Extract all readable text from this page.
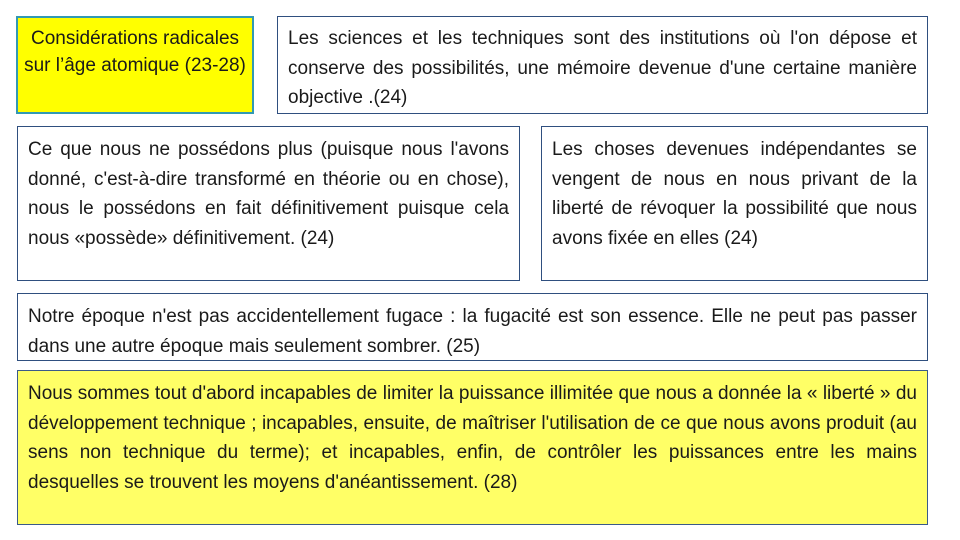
Considérations radicales sur l’âge atomique (23-28)
Les sciences et les techniques sont des institutions où l'on dépose et conserve des possibilités, une mémoire devenue d'une certaine manière objective .(24)
Ce que nous ne possédons plus (puisque nous l'avons donné, c'est-à-dire transformé en théorie ou en chose), nous le possédons en fait définitivement puisque cela nous «possède» définitivement. (24)
Les choses devenues indépendantes se vengent de nous en nous privant de la liberté de révoquer la possibilité que nous avons fixée en elles (24)
Notre époque n'est pas accidentellement fugace : la fugacité est son essence. Elle ne peut pas passer dans une autre époque mais seulement sombrer. (25)
Nous sommes tout d'abord incapables de limiter la puissance illimitée que nous a donnée la « liberté » du développement technique ; incapables, ensuite, de maîtriser l'utilisation de ce que nous avons produit (au sens non technique du terme); et incapables, enfin, de contrôler les puissances entre les mains desquelles se trouvent les moyens d'anéantissement. (28)
